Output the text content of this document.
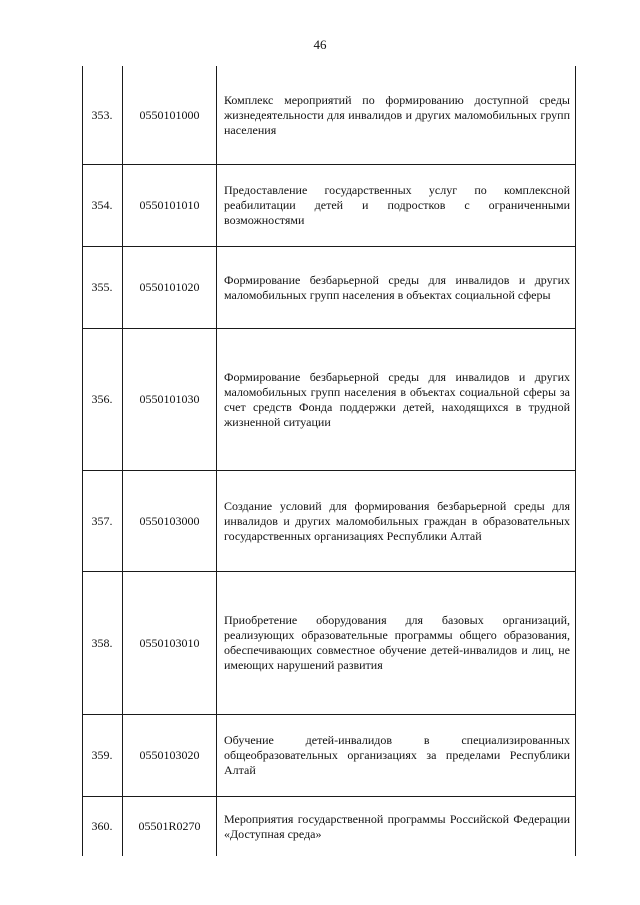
46
353.	0550101000
Комплекс мероприятий по формированию доступной среды жизнедеятельности для инвалидов и других маломобильных групп населения
354.	0550101010
Предоставление государственных услуг по комплексной реабилитации детей и подростков с ограниченными возможностями
355.	0550101020
Формирование безбарьерной среды для инвалидов и других маломобильных групп населения в объектах социальной сферы
356.	0550101030
Формирование безбарьерной среды для инвалидов и других маломобильных групп населения в объектах социальной сферы за счет средств Фонда поддержки детей, находящихся в трудной жизненной ситуации
357.	0550103000
Создание условий для формирования безбарьерной среды для инвалидов и других маломобильных граждан в образовательных государственных организациях Республики Алтай
358.	0550103010
Приобретение оборудования для базовых организаций, реализующих образовательные программы общего образования, обеспечивающих совместное обучение детей-инвалидов и лиц, не имеющих нарушений развития
359.	0550103020
Обучение детей-инвалидов в специализированных общеобразовательных организациях за пределами Республики Алтай
360.	05501R0270
Мероприятия государственной программы Российской Федерации «Доступная среда»
